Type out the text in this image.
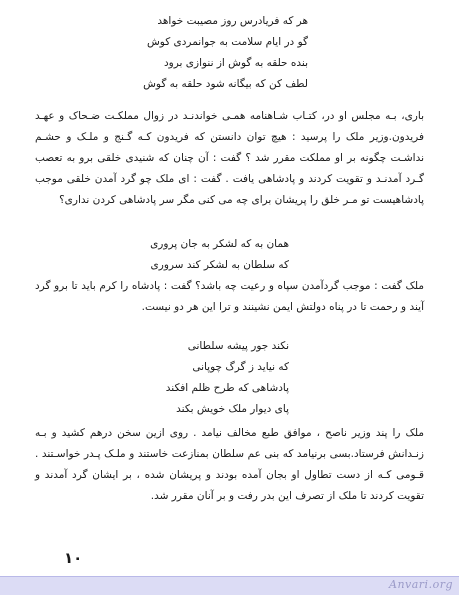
هر که فریادرس روز مصیبت خواهد
گو در ایام سلامت به جوانمردی کوش
بنده حلقه به گوش از ننوازی برود
لطف کن که بیگانه شود حلقه به گوش

باری، بـه مجلس او در، کتـاب شـاهنامه همـی خواندنـد در زوال مملکـت ضـحاک و عهـد فریدون.وزیر ملک را پرسید : هیچ توان دانستن که فریدون کـه گـنج و ملـک و حشـم نداشـت چگونه بر او مملکت مقرر شد ؟ گفت : آن چنان که شنیدی خلقی برو به تعصب گـرد آمدنـد و تقویت کردند و پادشاهی یافت . گفت : ای ملک چو گرد آمدن خلقی موجب پادشاهیست تو مـر خلق را پریشان برای چه می کنی مگر سر پادشاهی کردن نداری؟

همان به که لشکر به جان پروری
که سلطان به لشکر کند سروری

ملک گفت : موجب گردآمدن سپاه و رعیت چه باشد؟ گفت : پادشاه را کرم باید تا برو گرد آیند و رحمت تا در پناه دولتش ایمن نشینند و ترا این هر دو نیست.

نکند جور پیشه سلطانی
که نیاید ز گرگ چوپانی
پادشاهی که طرح ظلم افکند
پای دیوار ملک خویش بکند

ملک را پند وزیر ناصح ، موافق طبع مخالف نیامد . روی ازین سخن درهم کشید و بـه زنـدانش فرستاد.بسی برنیامد که بنی عم سلطان بمنازعت خاستند و ملـک پـدر خواسـتند . قـومی کـه از دست تطاول او بجان آمده بودند و پریشان شده ، بر ایشان گرد آمدند و تقویت کردند تا ملک از تصرف این بدر رفت و بر آنان مقرر شد.

۱۰
Anvari.org
